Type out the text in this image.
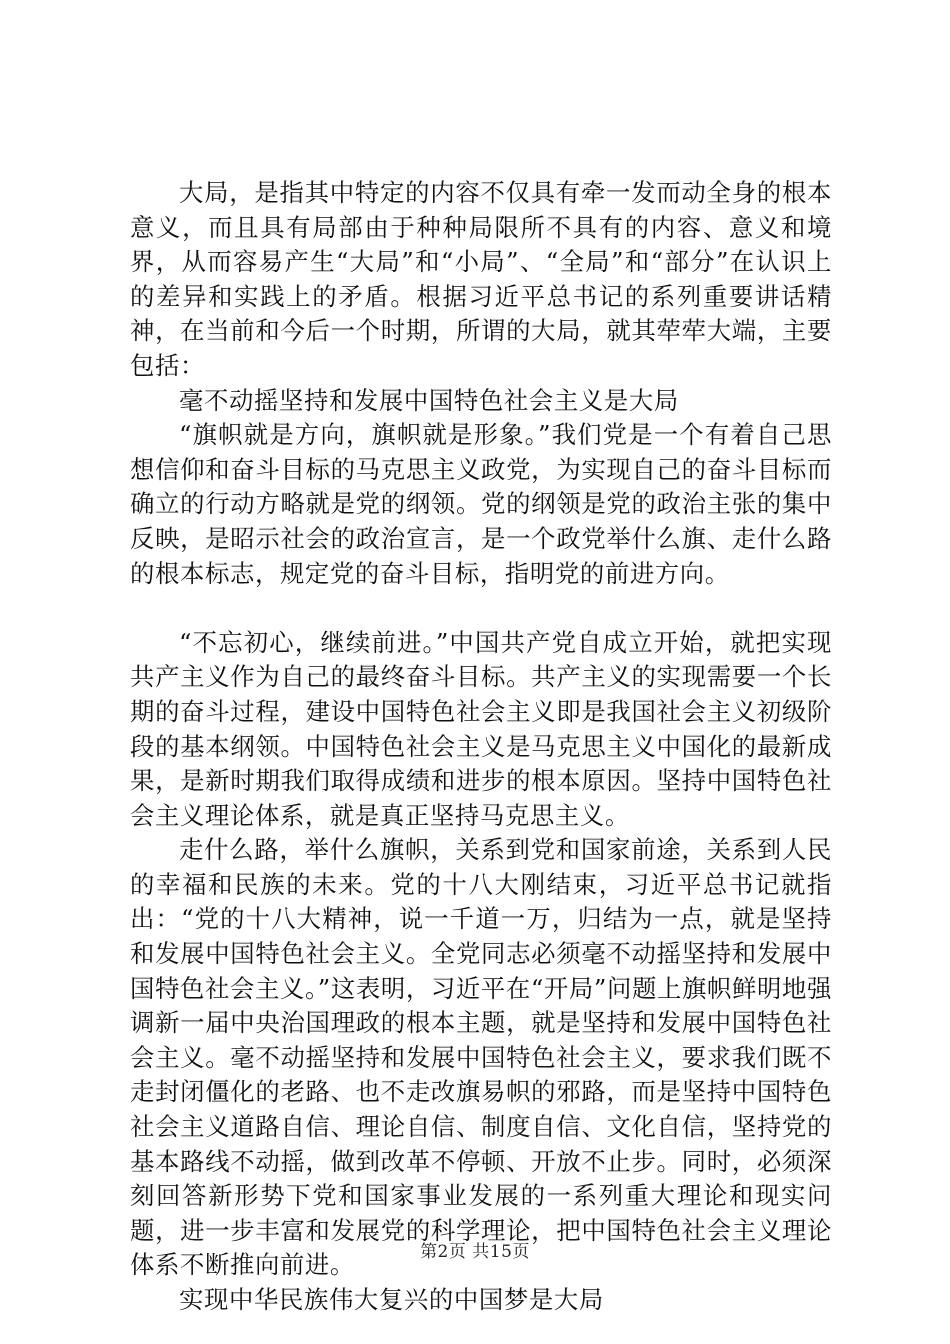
大局，是指其中特定的内容不仅具有牵一发而动全身的根本意义，而且具有局部由于种种局限所不具有的内容、意义和境界，从而容易产生“大局”和“小局”、“全局”和“部分”在认识上的差异和实践上的矛盾。根据习近平总书记的系列重要讲话精神，在当前和今后一个时期，所谓的大局，就其荦荦大端，主要包括：

毫不动摇坚持和发展中国特色社会主义是大局

“旗帜就是方向，旗帜就是形象。”我们党是一个有着自己思想信仰和奋斗目标的马克思主义政党，为实现自己的奋斗目标而确立的行动方略就是党的纲领。党的纲领是党的政治主张的集中反映，是昭示社会的政治宣言，是一个政党举什么旗、走什么路的根本标志，规定党的奋斗目标，指明党的前进方向。

“不忘初心，继续前进。”中国共产党自成立开始，就把实现共产主义作为自己的最终奋斗目标。共产主义的实现需要一个长期的奋斗过程，建设中国特色社会主义即是我国社会主义初级阶段的基本纲领。中国特色社会主义是马克思主义中国化的最新成果，是新时期我们取得成绩和进步的根本原因。坚持中国特色社会主义理论体系，就是真正坚持马克思主义。

走什么路，举什么旗帜，关系到党和国家前途，关系到人民的幸福和民族的未来。党的十八大刚结束，习近平总书记就指出：“党的十八大精神，说一千道一万，归结为一点，就是坚持和发展中国特色社会主义。全党同志必须毫不动摇坚持和发展中国特色社会主义。”这表明，习近平在“开局”问题上旗帜鲜明地强调新一届中央治国理政的根本主题，就是坚持和发展中国特色社会主义。毫不动摇坚持和发展中国特色社会主义，要求我们既不走封闭僵化的老路、也不走改旗易帜的邪路，而是坚持中国特色社会主义道路自信、理论自信、制度自信、文化自信，坚持党的基本路线不动摇，做到改革不停顿、开放不止步。同时，必须深刻回答新形势下党和国家事业发展的一系列重大理论和现实问题，进一步丰富和发展党的科学理论，把中国特色社会主义理论体系不断推向前进。

实现中华民族伟大复兴的中国梦是大局

第2页 共15页
